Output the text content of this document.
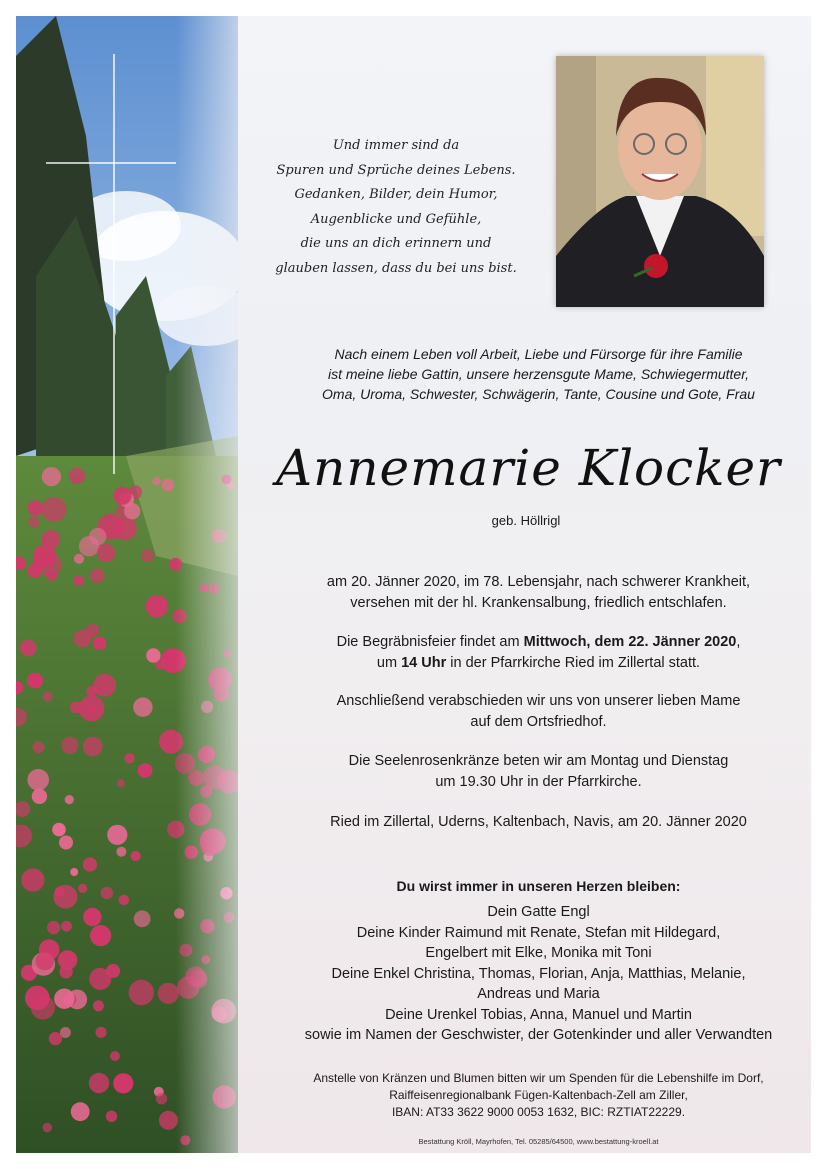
Und immer sind da
Spuren und Sprüche deines Lebens.
Gedanken, Bilder, dein Humor,
Augenblicke und Gefühle,
die uns an dich erinnern und
glauben lassen, dass du bei uns bist.
Nach einem Leben voll Arbeit, Liebe und Fürsorge für ihre Familie
ist meine liebe Gattin, unsere herzensgute Mame, Schwiegermutter,
Oma, Uroma, Schwester, Schwägerin, Tante, Cousine und Gote, Frau
Annemarie Klocker
geb. Höllrigl

am 20. Jänner 2020, im 78. Lebensjahr, nach schwerer Krankheit,

versehen mit der hl. Krankensalbung, friedlich entschlafen.

Die Begräbnisfeier findet am Mittwoch, dem 22. Jänner 2020,

um 14 Uhr in der Pfarrkirche Ried im Zillertal statt.

Anschließend verabschieden wir uns von unserer lieben Mame

auf dem Ortsfriedhof.

Die Seelenrosenkränze beten wir am Montag und Dienstag

um 19.30 Uhr in der Pfarrkirche.

Ried im Zillertal, Uderns, Kaltenbach, Navis, am 20. Jänner 2020

Du wirst immer in unseren Herzen bleiben:
Dein Gatte Engl
Deine Kinder Raimund mit Renate, Stefan mit Hildegard,
Engelbert mit Elke, Monika mit Toni
Deine Enkel Christina, Thomas, Florian, Anja, Matthias, Melanie,
Andreas und Maria
Deine Urenkel Tobias, Anna, Manuel und Martin
sowie im Namen der Geschwister, der Gotenkinder und aller Verwandten
Anstelle von Kränzen und Blumen bitten wir um Spenden für die Lebenshilfe im Dorf,
Raiffeisenregionalbank Fügen-Kaltenbach-Zell am Ziller,
IBAN: AT33 3622 9000 0053 1632, BIC: RZTIAT22229.
Bestattung Kröll, Mayrhofen, Tel. 05285/64500, www.bestattung-kroell.at
